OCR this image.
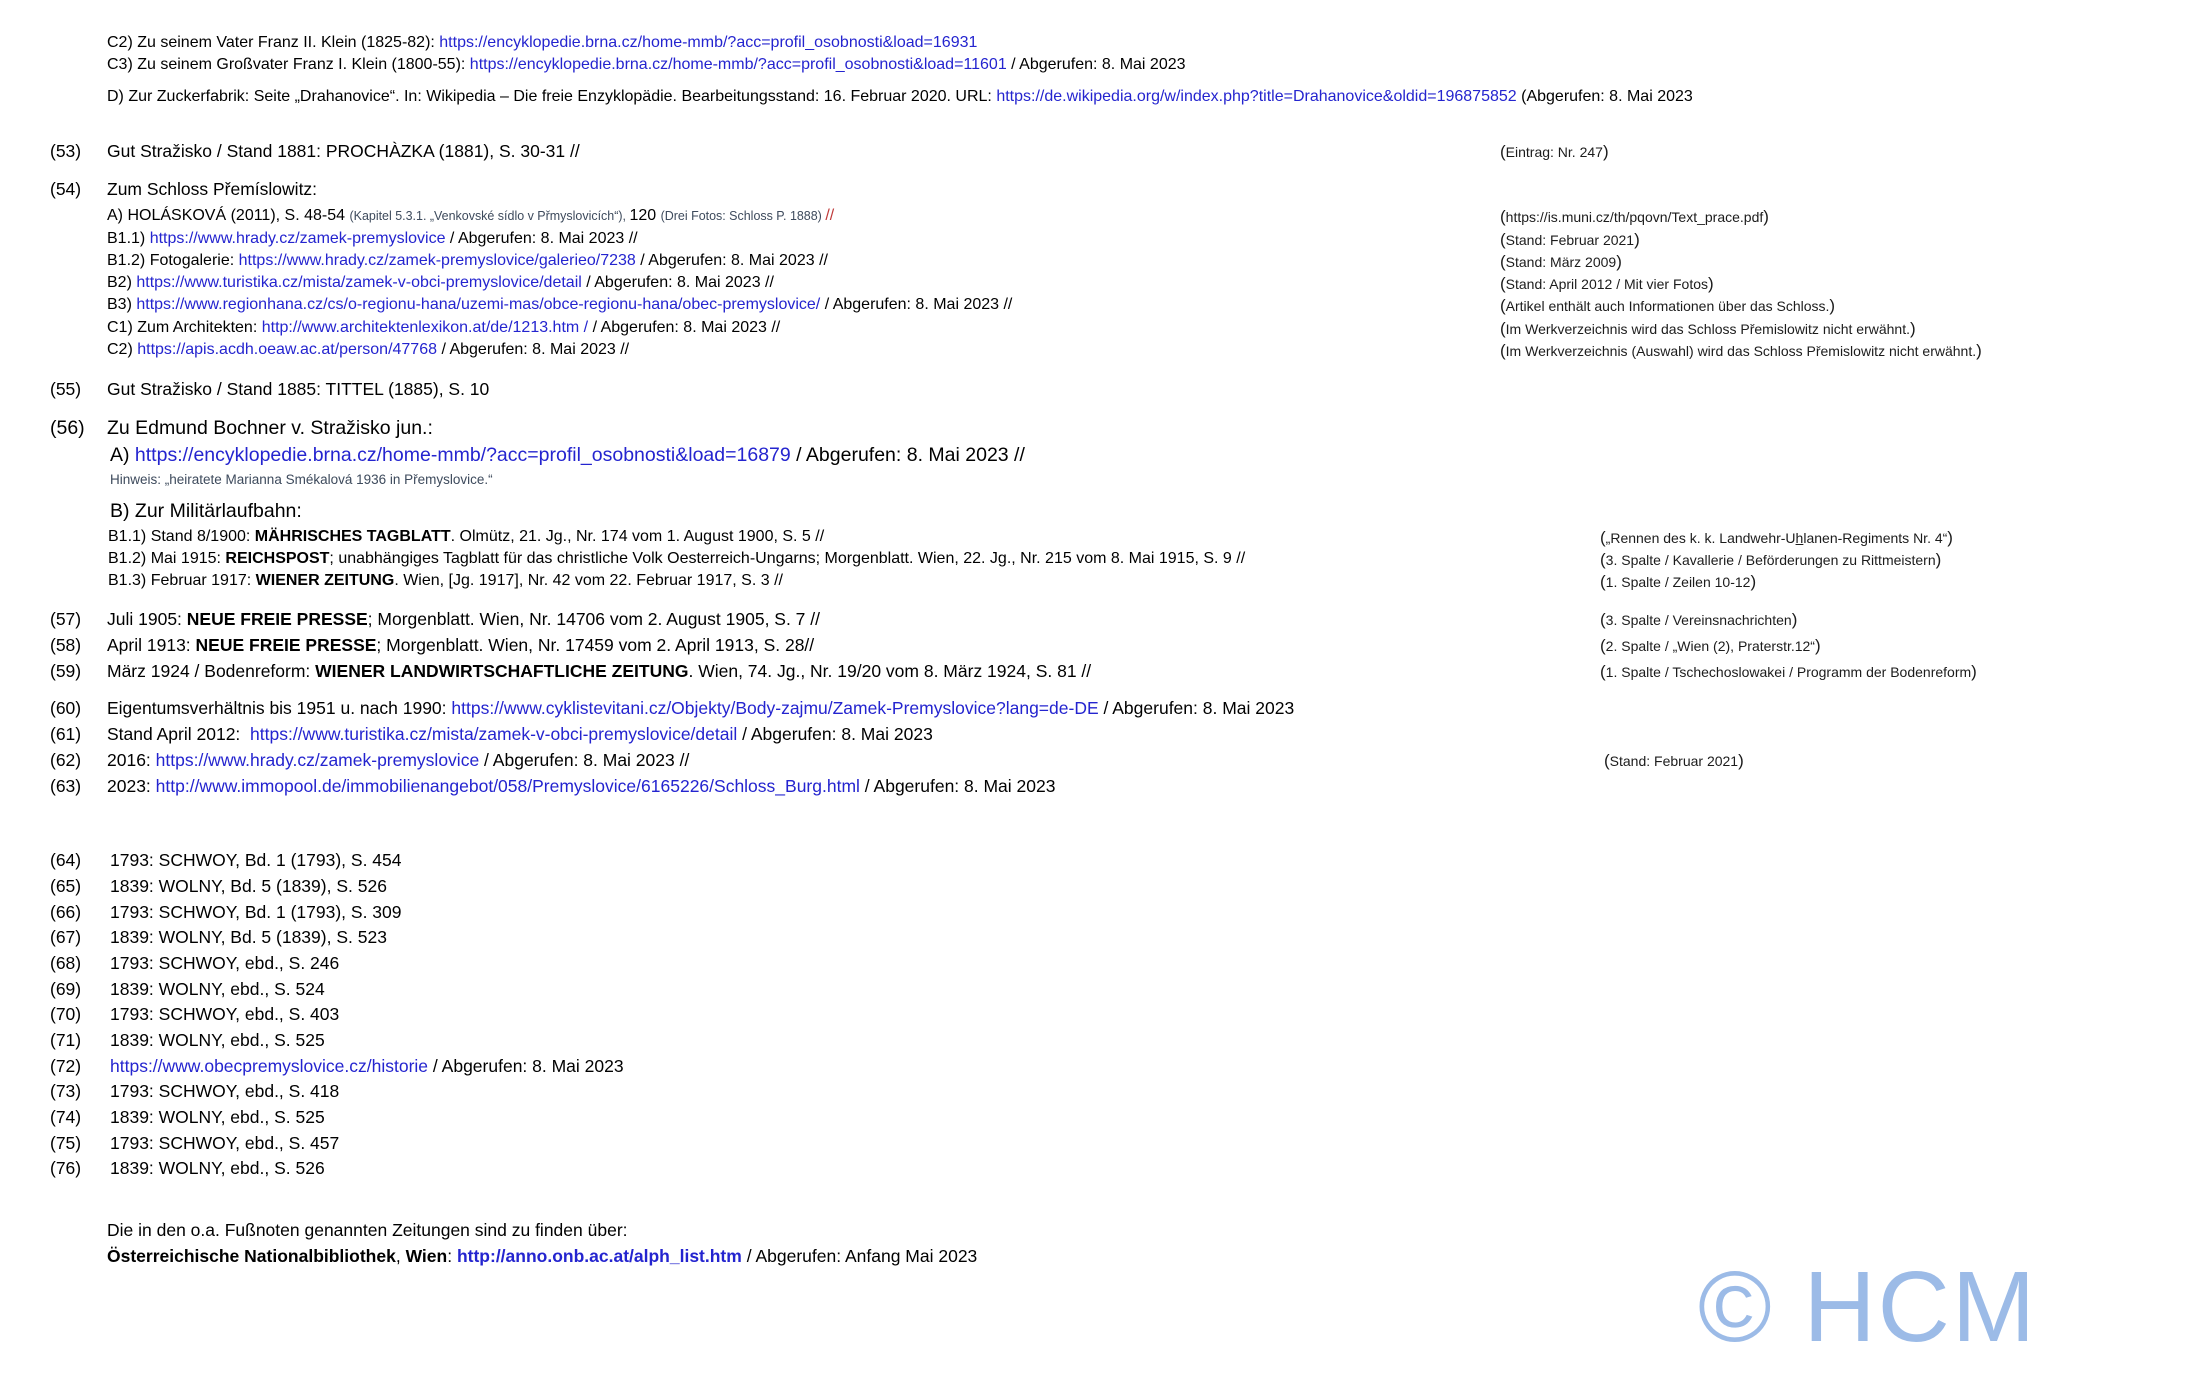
© HCM
C2) Zu seinem Vater Franz II. Klein (1825-82): https://encyklopedie.brna.cz/home-mmb/?acc=profil_osobnosti&load=16931
C3) Zu seinem Großvater Franz I. Klein (1800-55): https://encyklopedie.brna.cz/home-mmb/?acc=profil_osobnosti&load=11601 / Abgerufen: 8. Mai 2023
D) Zur Zuckerfabrik: Seite „Drahanovice“. In: Wikipedia – Die freie Enzyklopädie. Bearbeitungsstand: 16. Februar 2020. URL: https://de.wikipedia.org/w/index.php?title=Drahanovice&oldid=196875852 (Abgerufen: 8. Mai 2023
(53) Gut Stražisko / Stand 1881: PROCHÀZKA (1881), S. 30-31 //	(Eintrag: Nr. 247)
(54) Zum Schloss Přemíslowitz:
A) HOLÁSKOVÁ (2011), S. 48-54 (Kapitel 5.3.1. „Venkovské sídlo v Přmyslovicích“), 120 (Drei Fotos: Schloss P. 1888) //	(https://is.muni.cz/th/pqovn/Text_prace.pdf)
B1.1) https://www.hrady.cz/zamek-premyslovice / Abgerufen: 8. Mai 2023 //	(Stand: Februar 2021)
B1.2) Fotogalerie: https://www.hrady.cz/zamek-premyslovice/galerieo/7238 / Abgerufen: 8. Mai 2023 //	(Stand: März 2009)
B2) https://www.turistika.cz/mista/zamek-v-obci-premyslovice/detail / Abgerufen: 8. Mai 2023 //	(Stand: April 2012 / Mit vier Fotos)
B3) https://www.regionhana.cz/cs/o-regionu-hana/uzemi-mas/obce-regionu-hana/obec-premyslovice/ / Abgerufen: 8. Mai 2023 //	(Artikel enthält auch Informationen über das Schloss.)
C1) Zum Architekten: http://www.architektenlexikon.at/de/1213.htm / / Abgerufen: 8. Mai 2023 //	(Im Werkverzeichnis wird das Schloss Přemislowitz nicht erwähnt.)
C2) https://apis.acdh.oeaw.ac.at/person/47768 / Abgerufen: 8. Mai 2023 //	(Im Werkverzeichnis (Auswahl) wird das Schloss Přemislowitz nicht erwähnt.)
(55) Gut Stražisko / Stand 1885: TITTEL (1885), S. 10
(56) Zu Edmund Bochner v. Stražisko jun.:
A) https://encyklopedie.brna.cz/home-mmb/?acc=profil_osobnosti&load=16879 / Abgerufen: 8. Mai 2023 //
Hinweis: „heiratete Marianna Smékalová 1936 in Přemyslovice.“
B) Zur Militärlaufbahn:
B1.1) Stand 8/1900: MÄHRISCHES TAGBLATT. Olmütz, 21. Jg., Nr. 174 vom 1. August 1900, S. 5 //	(„Rennen des k. k. Landwehr-Uhlanen-Regiments Nr. 4“)
B1.2) Mai 1915: REICHSPOST; unabhängiges Tagblatt für das christliche Volk Oesterreich-Ungarns; Morgenblatt. Wien, 22. Jg., Nr. 215 vom 8. Mai 1915, S. 9 //	(3. Spalte / Kavallerie / Beförderungen zu Rittmeistern)
B1.3) Februar 1917: WIENER ZEITUNG. Wien, [Jg. 1917], Nr. 42 vom 22. Februar 1917, S. 3 //	(1. Spalte / Zeilen 10-12)
(57) Juli 1905: NEUE FREIE PRESSE; Morgenblatt. Wien, Nr. 14706 vom 2. August 1905, S. 7 //	(3. Spalte / Vereinsnachrichten)
(58) April 1913: NEUE FREIE PRESSE; Morgenblatt. Wien, Nr. 17459 vom 2. April 1913, S. 28//	(2. Spalte / „Wien (2), Praterstr.12“)
(59) März 1924 / Bodenreform: WIENER LANDWIRTSCHAFTLICHE ZEITUNG. Wien, 74. Jg., Nr. 19/20 vom 8. März 1924, S. 81 //	(1. Spalte / Tschechoslowakei / Programm der Bodenreform)
(60) Eigentumsverhältnis bis 1951 u. nach 1990: https://www.cyklistevitani.cz/Objekty/Body-zajmu/Zamek-Premyslovice?lang=de-DE / Abgerufen: 8. Mai 2023
(61) Stand April 2012:  https://www.turistika.cz/mista/zamek-v-obci-premyslovice/detail / Abgerufen: 8. Mai 2023
(62) 2016: https://www.hrady.cz/zamek-premyslovice / Abgerufen: 8. Mai 2023 //	(Stand: Februar 2021)
(63) 2023: http://www.immopool.de/immobilienangebot/058/Premyslovice/6165226/Schloss_Burg.html / Abgerufen: 8. Mai 2023
(64) 1793: SCHWOY, Bd. 1 (1793), S. 454
(65) 1839: WOLNY, Bd. 5 (1839), S. 526
(66) 1793: SCHWOY, Bd. 1 (1793), S. 309
(67) 1839: WOLNY, Bd. 5 (1839), S. 523
(68) 1793: SCHWOY, ebd., S. 246
(69) 1839: WOLNY, ebd., S. 524
(70) 1793: SCHWOY, ebd., S. 403
(71) 1839: WOLNY, ebd., S. 525
(72) https://www.obecpremyslovice.cz/historie / Abgerufen: 8. Mai 2023
(73) 1793: SCHWOY, ebd., S. 418
(74) 1839: WOLNY, ebd., S. 525
(75) 1793: SCHWOY, ebd., S. 457
(76) 1839: WOLNY, ebd., S. 526
Die in den o.a. Fußnoten genannten Zeitungen sind zu finden über:
Österreichische Nationalbibliothek, Wien: http://anno.onb.ac.at/alph_list.htm / Abgerufen: Anfang Mai 2023
